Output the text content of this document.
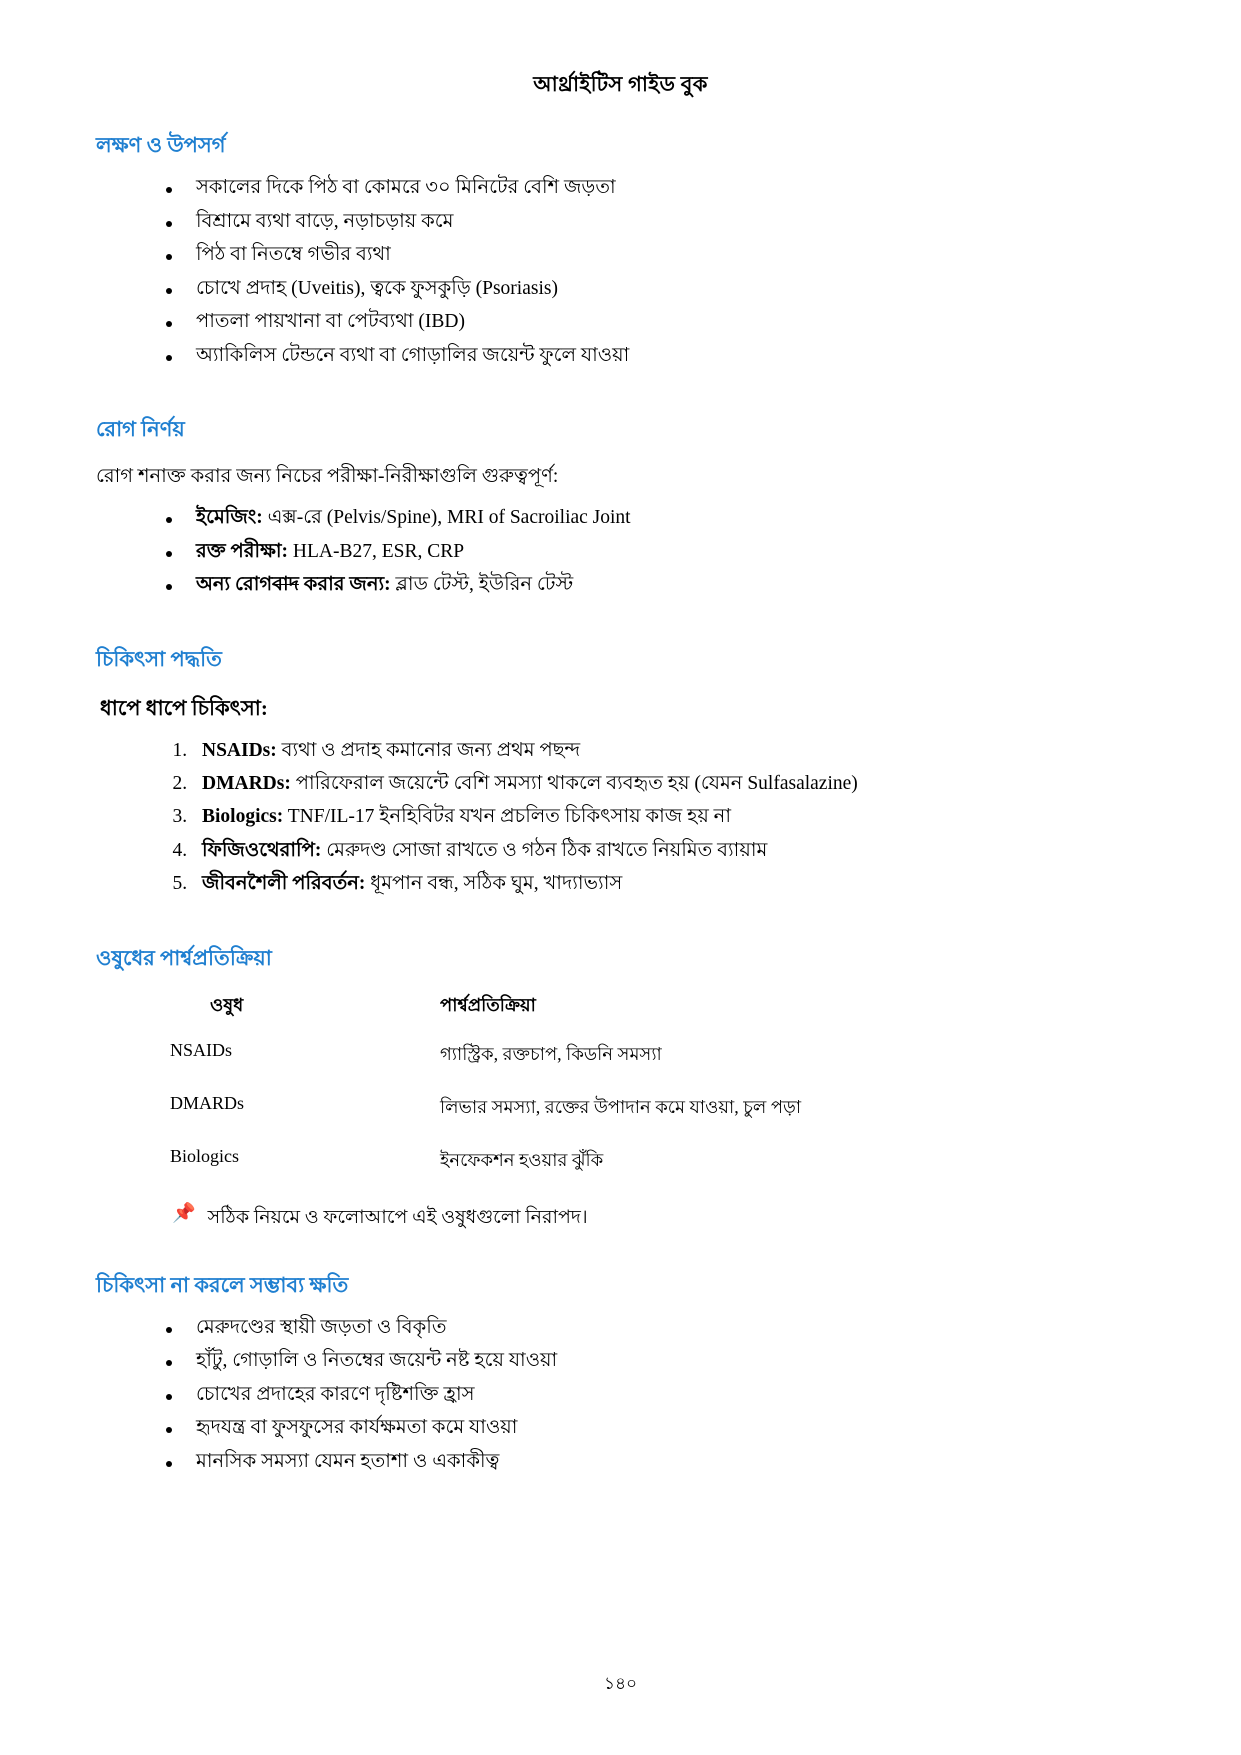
আর্থ্রাইটিস গাইড বুক
লক্ষণ ও উপসর্গ
সকালের দিকে পিঠ বা কোমরে ৩০ মিনিটের বেশি জড়তা
বিশ্রামে ব্যথা বাড়ে, নড়াচড়ায় কমে
পিঠ বা নিতম্বে গভীর ব্যথা
চোখে প্রদাহ (Uveitis), ত্বকে ফুসকুড়ি (Psoriasis)
পাতলা পায়খানা বা পেটব্যথা (IBD)
অ্যাকিলিস টেন্ডনে ব্যথা বা গোড়ালির জয়েন্ট ফুলে যাওয়া
রোগ নির্ণয়

রোগ শনাক্ত করার জন্য নিচের পরীক্ষা-নিরীক্ষাগুলি গুরুত্বপূর্ণ:

ইমেজিং: এক্স-রে (Pelvis/Spine), MRI of Sacroiliac Joint
রক্ত পরীক্ষা: HLA-B27, ESR, CRP
অন্য রোগবাদ করার জন্য: ব্লাড টেস্ট, ইউরিন টেস্ট
চিকিৎসা পদ্ধতি
ধাপে ধাপে চিকিৎসা:
1. NSAIDs: ব্যথা ও প্রদাহ কমানোর জন্য প্রথম পছন্দ
2. DMARDs: পারিফেরাল জয়েন্টে বেশি সমস্যা থাকলে ব্যবহৃত হয় (যেমন Sulfasalazine)
3. Biologics: TNF/IL-17 ইনহিবিটর যখন প্রচলিত চিকিৎসায় কাজ হয় না
4. ফিজিওথেরাপি: মেরুদণ্ড সোজা রাখতে ও গঠন ঠিক রাখতে নিয়মিত ব্যায়াম
5. জীবনশৈলী পরিবর্তন: ধূমপান বন্ধ, সঠিক ঘুম, খাদ্যাভ্যাস
ওষুধের পার্শ্বপ্রতিক্রিয়া
ওষুধ	পার্শ্বপ্রতিক্রিয়া
NSAIDs	গ্যাস্ট্রিক, রক্তচাপ, কিডনি সমস্যা
DMARDs	লিভার সমস্যা, রক্তের উপাদান কমে যাওয়া, চুল পড়া
Biologics	ইনফেকশন হওয়ার ঝুঁকি
📌 সঠিক নিয়মে ও ফলোআপে এই ওষুধগুলো নিরাপদ।
চিকিৎসা না করলে সম্ভাব্য ক্ষতি
মেরুদণ্ডের স্থায়ী জড়তা ও বিকৃতি
হাঁটু, গোড়ালি ও নিতম্বের জয়েন্ট নষ্ট হয়ে যাওয়া
চোখের প্রদাহের কারণে দৃষ্টিশক্তি হ্রাস
হৃদযন্ত্র বা ফুসফুসের কার্যক্ষমতা কমে যাওয়া
মানসিক সমস্যা যেমন হতাশা ও একাকীত্ব
১৪০
